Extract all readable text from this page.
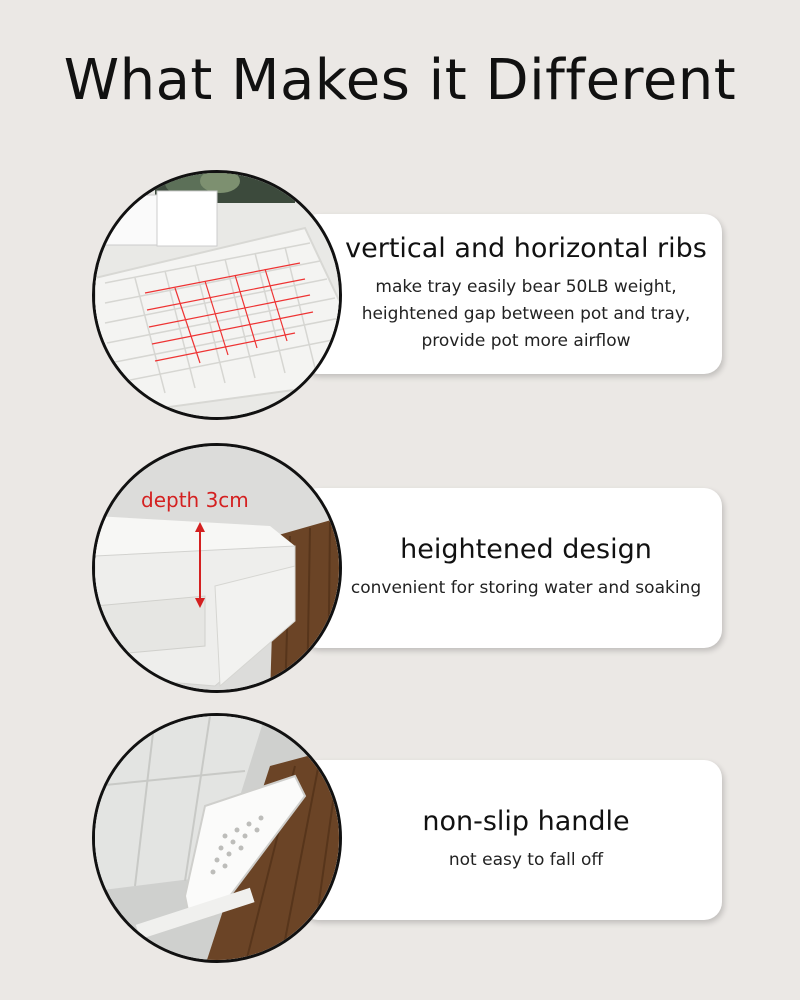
What Makes it Different
vertical and horizontal ribs
make tray easily bear 50LB weight,
heightened gap between pot and tray,
provide pot more airflow
heightened design
convenient for storing water and soaking
depth 3cm
non-slip handle
not easy to fall off
